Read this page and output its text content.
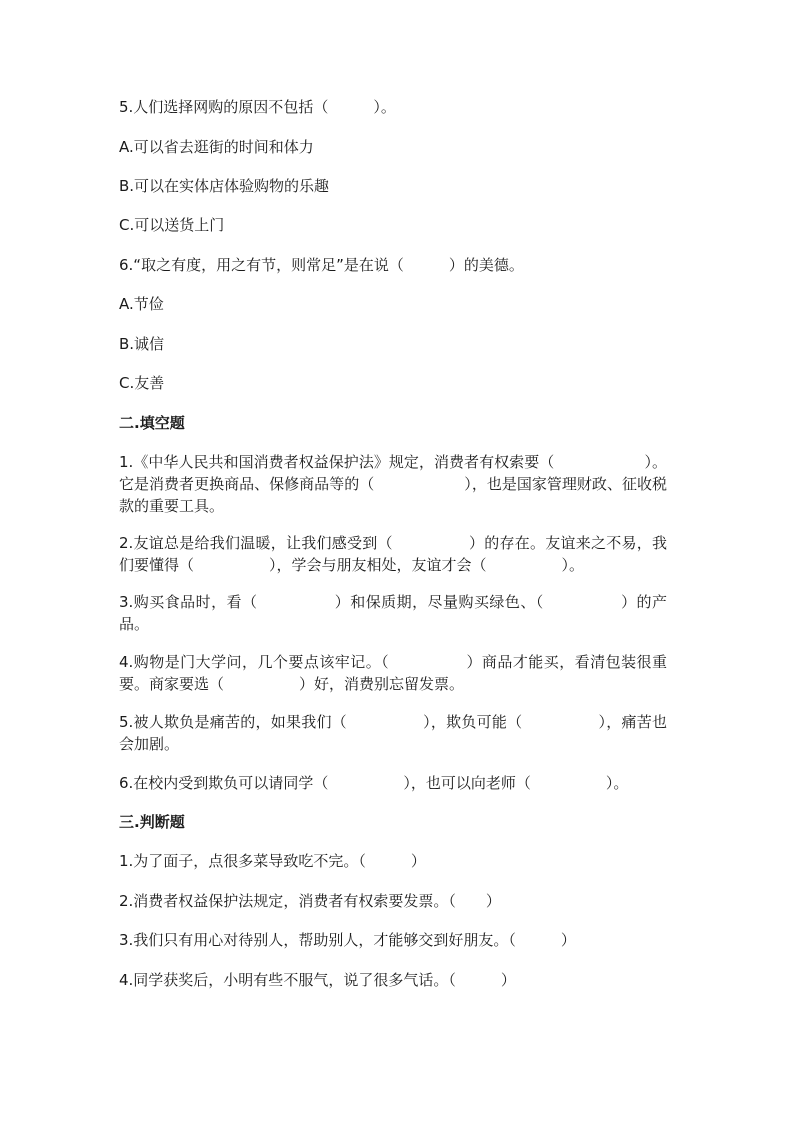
5.人们选择网购的原因不包括（　　　）。
A.可以省去逛街的时间和体力
B.可以在实体店体验购物的乐趣
C.可以送货上门
6.“取之有度，用之有节，则常足”是在说（　　　）的美德。
A.节俭
B.诚信
C.友善
二.填空题
1.《中华人民共和国消费者权益保护法》规定，消费者有权索要（　　　　　　）。它是消费者更换商品、保修商品等的（　　　　　　），也是国家管理财政、征收税款的重要工具。
2.友谊总是给我们温暖，让我们感受到（　　　　　）的存在。友谊来之不易，我们要懂得（　　　　　），学会与朋友相处，友谊才会（　　　　　）。
3.购买食品时，看（　　　　　）和保质期，尽量购买绿色、（　　　　　）的产品。
4.购物是门大学问，几个要点该牢记。（　　　　　）商品才能买，看清包装很重要。商家要选（　　　　　）好，消费别忘留发票。
5.被人欺负是痛苦的，如果我们（　　　　　），欺负可能（　　　　　），痛苦也会加剧。
6.在校内受到欺负可以请同学（　　　　　），也可以向老师（　　　　　）。
三.判断题
1.为了面子，点很多菜导致吃不完。（　　　）
2.消费者权益保护法规定，消费者有权索要发票。（　　）
3.我们只有用心对待别人，帮助别人，才能够交到好朋友。（　　　）
4.同学获奖后，小明有些不服气，说了很多气话。（　　　）
